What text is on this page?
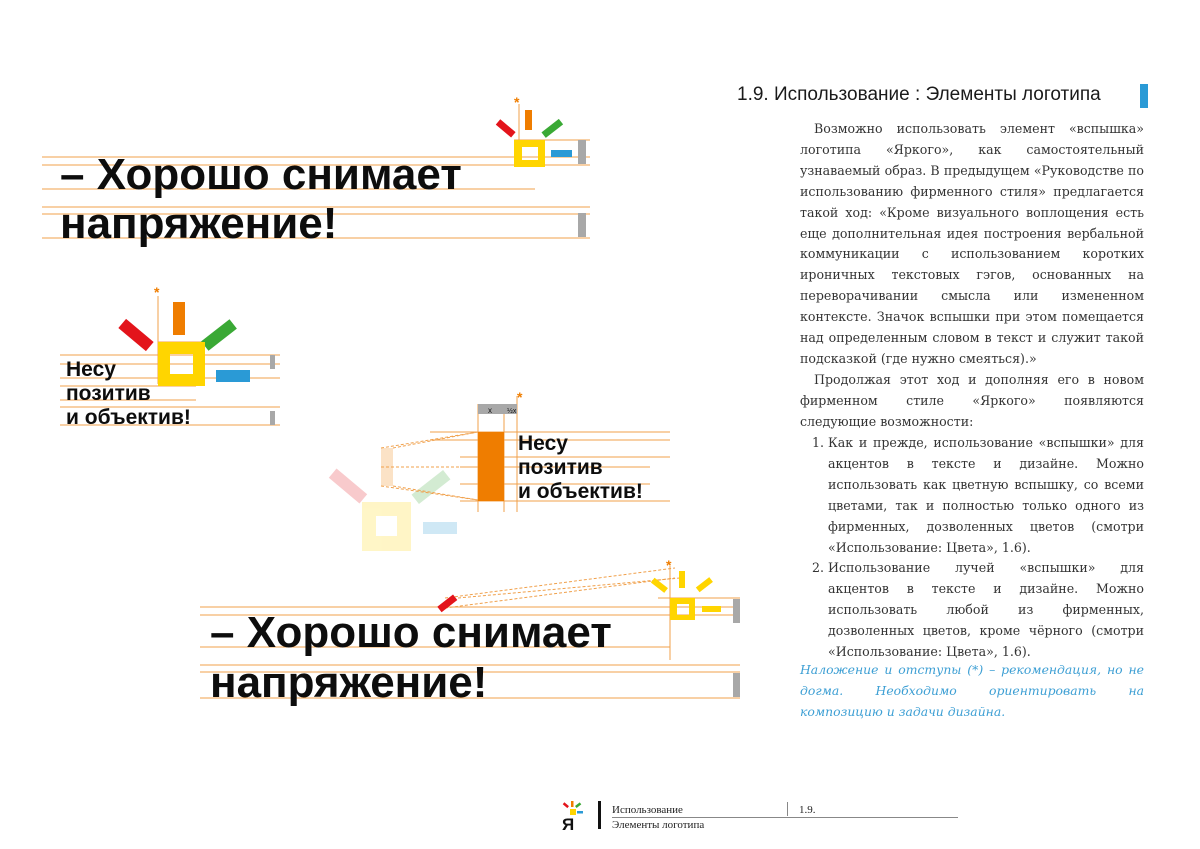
*
– Хорошо снимает
напряжение!
*
Несу
позитив
и объектив!	x ½x
*
Несу
позитив
и объектив!
*
– Хорошо снимает
напряжение!
1.9. Использование : Элементы логотипа

Возможно использовать элемент «вспышка» логотипа «Яркого», как самостоятельный узнаваемый образ. В предыдущем «Руководстве по использованию фирменного стиля» предлагается такой ход: «Кроме визуального воплощения есть еще дополнительная идея построения вербальной коммуникации с использованием коротких ироничных текстовых гэгов, основанных на переворачивании смысла или измененном контексте. Значок вспышки при этом помещается над определенным словом в текст и служит такой подсказкой (где нужно смеяться).»

Продолжая этот ход и дополняя его в новом фирменном стиле «Яркого» появляются следующие возможности:

1. Как и прежде, использование «вспышки» для акцентов в тексте и дизайне. Можно использовать как цветную вспышку, со всеми цветами, так и полностью только одного из фирменных, дозволенных цветов (смотри «Использование: Цвета», 1.6).
2. Использование лучей «вспышки» для акцентов в тексте и дизайне. Можно использовать любой из фирменных, дозволенных цветов, кроме чёрного (смотри «Использование: Цвета», 1.6).
Наложение и отступы (*) – рекомендация, но не догма. Необходимо ориентировать на композицию и задачи дизайна.
Я
Использование	1.9.
Элементы логотипа
